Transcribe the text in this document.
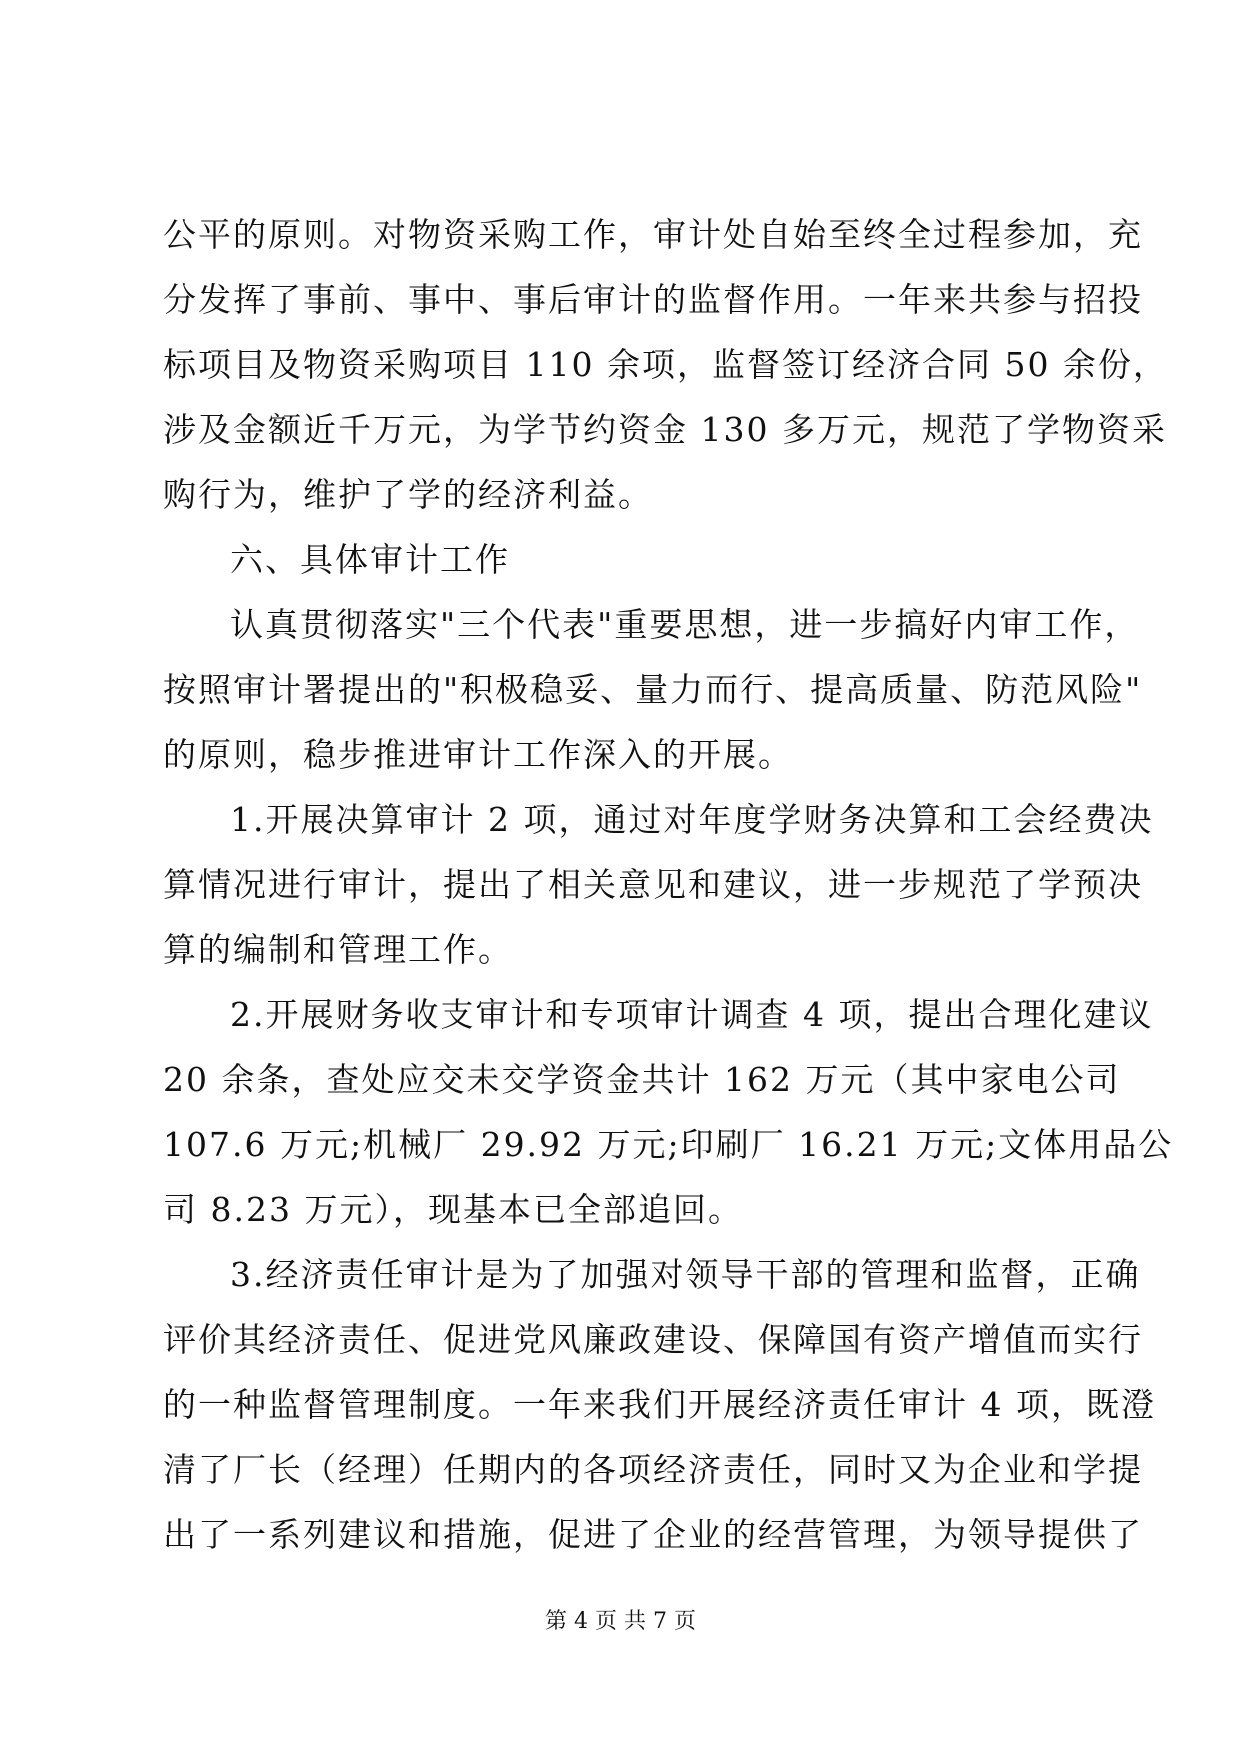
公平的原则。对物资采购工作，审计处自始至终全过程参加，充
分发挥了事前、事中、事后审计的监督作用。一年来共参与招投
标项目及物资采购项目 110 余项，监督签订经济合同 50 余份，
涉及金额近千万元，为学节约资金 130 多万元，规范了学物资采
购行为，维护了学的经济利益。
六、具体审计工作
认真贯彻落实"三个代表"重要思想，进一步搞好内审工作，
按照审计署提出的"积极稳妥、量力而行、提高质量、防范风险"
的原则，稳步推进审计工作深入的开展。
1.开展决算审计 2 项，通过对年度学财务决算和工会经费决
算情况进行审计，提出了相关意见和建议，进一步规范了学预决
算的编制和管理工作。
2.开展财务收支审计和专项审计调查 4 项，提出合理化建议
20 余条，查处应交未交学资金共计 162 万元（其中家电公司
107.6 万元;机械厂 29.92 万元;印刷厂 16.21 万元;文体用品公
司 8.23 万元），现基本已全部追回。
3.经济责任审计是为了加强对领导干部的管理和监督，正确
评价其经济责任、促进党风廉政建设、保障国有资产增值而实行
的一种监督管理制度。一年来我们开展经济责任审计 4 项，既澄
清了厂长（经理）任期内的各项经济责任，同时又为企业和学提
出了一系列建议和措施，促进了企业的经营管理，为领导提供了
第 4 页 共 7 页
